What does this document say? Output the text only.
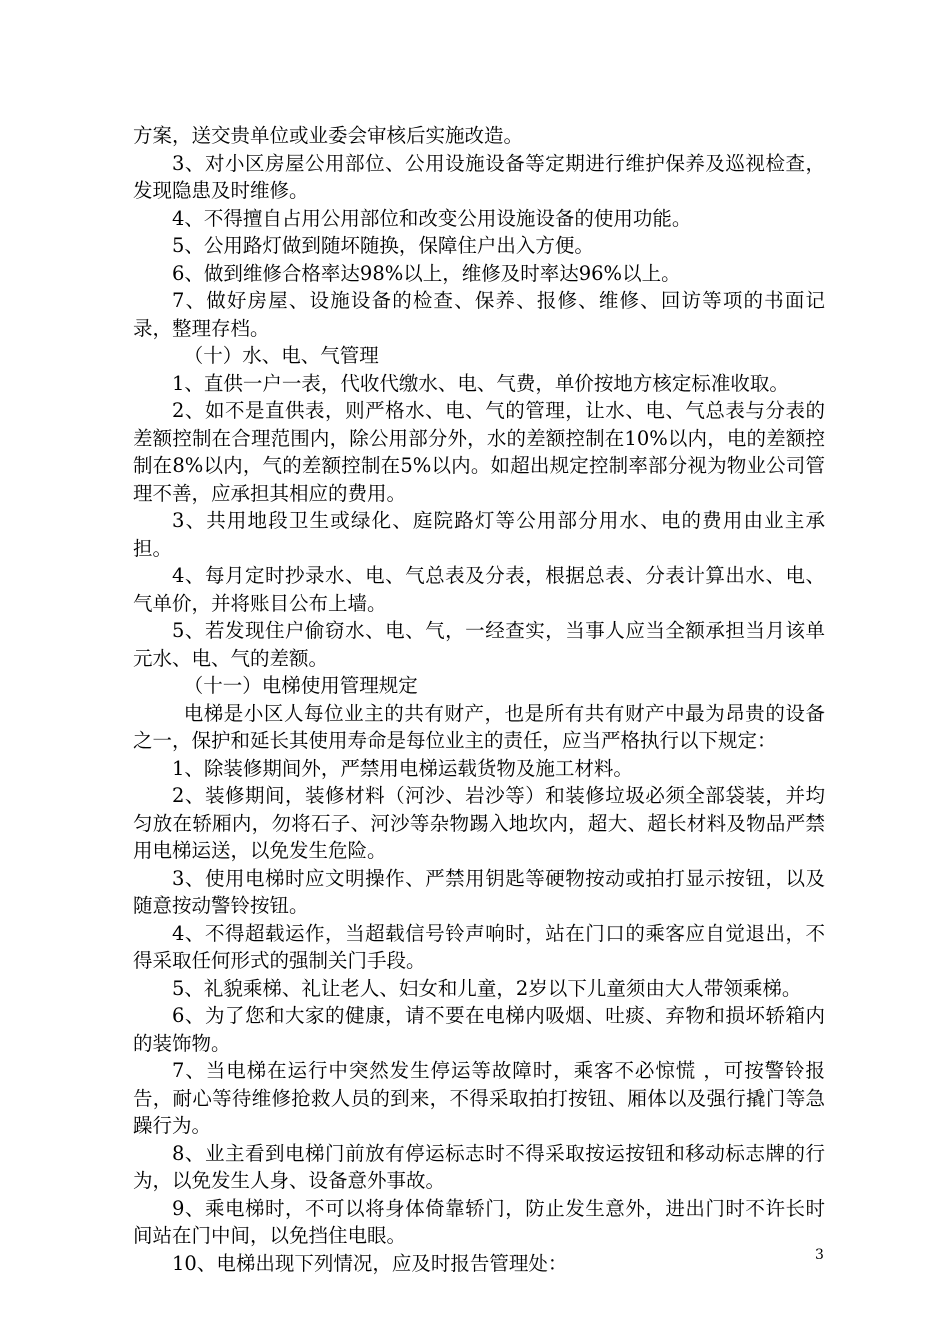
方案，送交贵单位或业委会审核后实施改造。

3、对小区房屋公用部位、公用设施设备等定期进行维护保养及巡视检查，发现隐患及时维修。

4、不得擅自占用公用部位和改变公用设施设备的使用功能。

5、公用路灯做到随坏随换，保障住户出入方便。

6、做到维修合格率达98%以上，维修及时率达96%以上。

7、做好房屋、设施设备的检查、保养、报修、维修、回访等项的书面记录，整理存档。

（十）水、电、气管理

1、直供一户一表，代收代缴水、电、气费，单价按地方核定标准收取。

2、如不是直供表，则严格水、电、气的管理，让水、电、气总表与分表的差额控制在合理范围内，除公用部分外，水的差额控制在10%以内，电的差额控制在8%以内，气的差额控制在5%以内。如超出规定控制率部分视为物业公司管理不善，应承担其相应的费用。

3、共用地段卫生或绿化、庭院路灯等公用部分用水、电的费用由业主承担。

4、每月定时抄录水、电、气总表及分表，根据总表、分表计算出水、电、气单价，并将账目公布上墙。

5、若发现住户偷窃水、电、气，一经查实，当事人应当全额承担当月该单元水、电、气的差额。

（十一）电梯使用管理规定

电梯是小区人每位业主的共有财产，也是所有共有财产中最为昂贵的设备之一，保护和延长其使用寿命是每位业主的责任，应当严格执行以下规定：

1、除装修期间外，严禁用电梯运载货物及施工材料。

2、装修期间，装修材料（河沙、岩沙等）和装修垃圾必须全部袋装，并均匀放在轿厢内，勿将石子、河沙等杂物踢入地坎内，超大、超长材料及物品严禁用电梯运送，以免发生危险。

3、使用电梯时应文明操作、严禁用钥匙等硬物按动或拍打显示按钮，以及随意按动警铃按钮。

4、不得超载运作，当超载信号铃声响时，站在门口的乘客应自觉退出，不得采取任何形式的强制关门手段。

5、礼貌乘梯、礼让老人、妇女和儿童，2岁以下儿童须由大人带领乘梯。

6、为了您和大家的健康，请不要在电梯内吸烟、吐痰、弃物和损坏轿箱内的装饰物。

7、当电梯在运行中突然发生停运等故障时，乘客不必惊慌 ，可按警铃报告，耐心等待维修抢救人员的到来，不得采取拍打按钮、厢体以及强行撬门等急躁行为。

8、业主看到电梯门前放有停运标志时不得采取按运按钮和移动标志牌的行为，以免发生人身、设备意外事故。

9、乘电梯时，不可以将身体倚靠轿门，防止发生意外，进出门时不许长时间站在门中间，以免挡住电眼。

10、电梯出现下列情况，应及时报告管理处：	3
